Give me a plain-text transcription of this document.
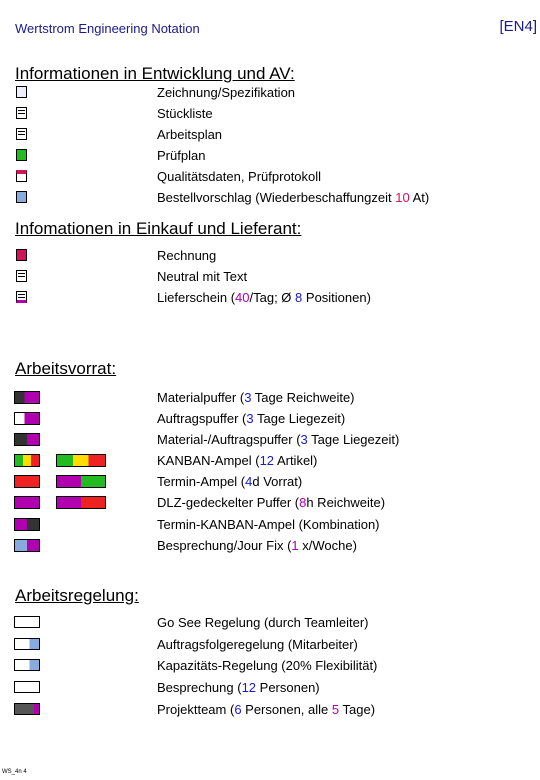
Wertstrom Engineering Notation	[EN4]
Informationen in Entwicklung und AV:
Zeichnung/Spezifikation
Stückliste
Arbeitsplan
Prüfplan
Qualitätsdaten, Prüfprotokoll
Bestellvorschlag (Wiederbeschaffungzeit 10 At)
Infomationen in Einkauf und Lieferant:
Rechnung
Neutral mit Text
Lieferschein (40/Tag; Ø 8 Positionen)
Arbeitsvorrat:
Materialpuffer (3 Tage Reichweite)
Auftragspuffer (3 Tage Liegezeit)
Material-/Auftragspuffer (3 Tage Liegezeit)
KANBAN-Ampel (12 Artikel)
Termin-Ampel (4d Vorrat)
DLZ-gedeckelter Puffer (8h Reichweite)
Termin-KANBAN-Ampel (Kombination)
Besprechung/Jour Fix (1 x/Woche)
Arbeitsregelung:
Go See Regelung (durch Teamleiter)
Auftragsfolgeregelung (Mitarbeiter)
Kapazitäts-Regelung (20% Flexibilität)
Besprechung (12 Personen)
Projektteam (6 Personen, alle 5 Tage)
WS_4n 4
